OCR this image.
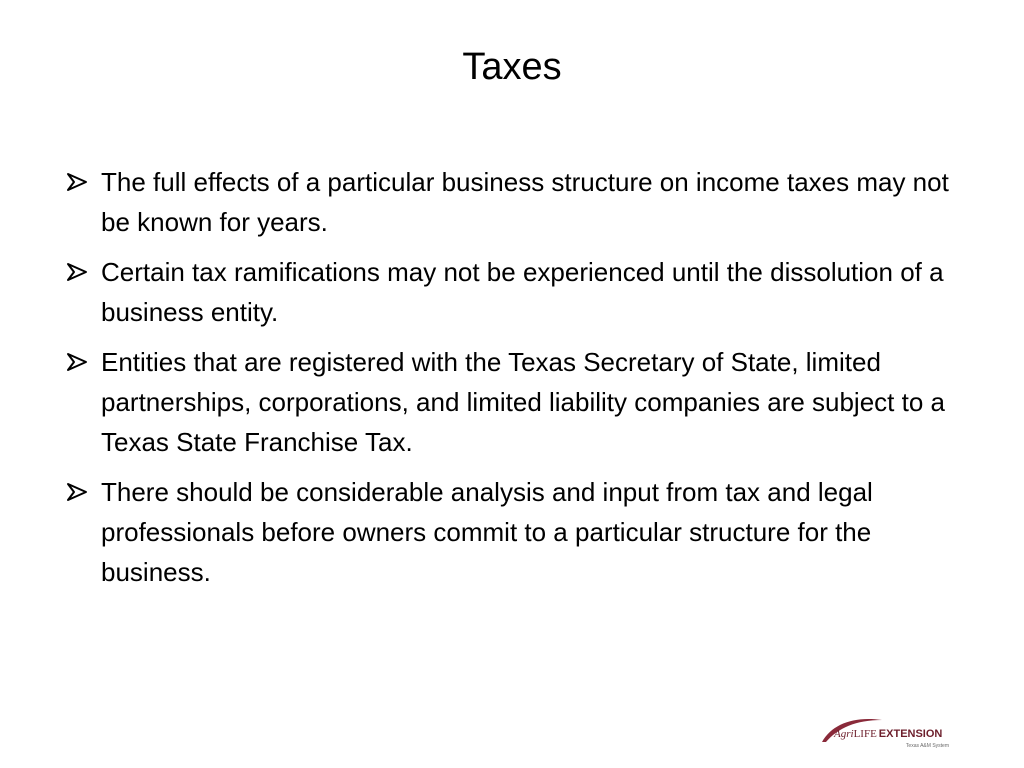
Taxes
The full effects of a particular business structure on income taxes may not be known for years.
Certain tax ramifications may not be experienced until the dissolution of a business entity.
Entities that are registered with the Texas Secretary of State, limited partnerships, corporations, and limited liability companies are subject to a Texas State Franchise Tax.
There should be considerable analysis and input from tax and legal professionals before owners commit to a particular structure for the business.
AgriLIFE EXTENSION
Texas A&M System
